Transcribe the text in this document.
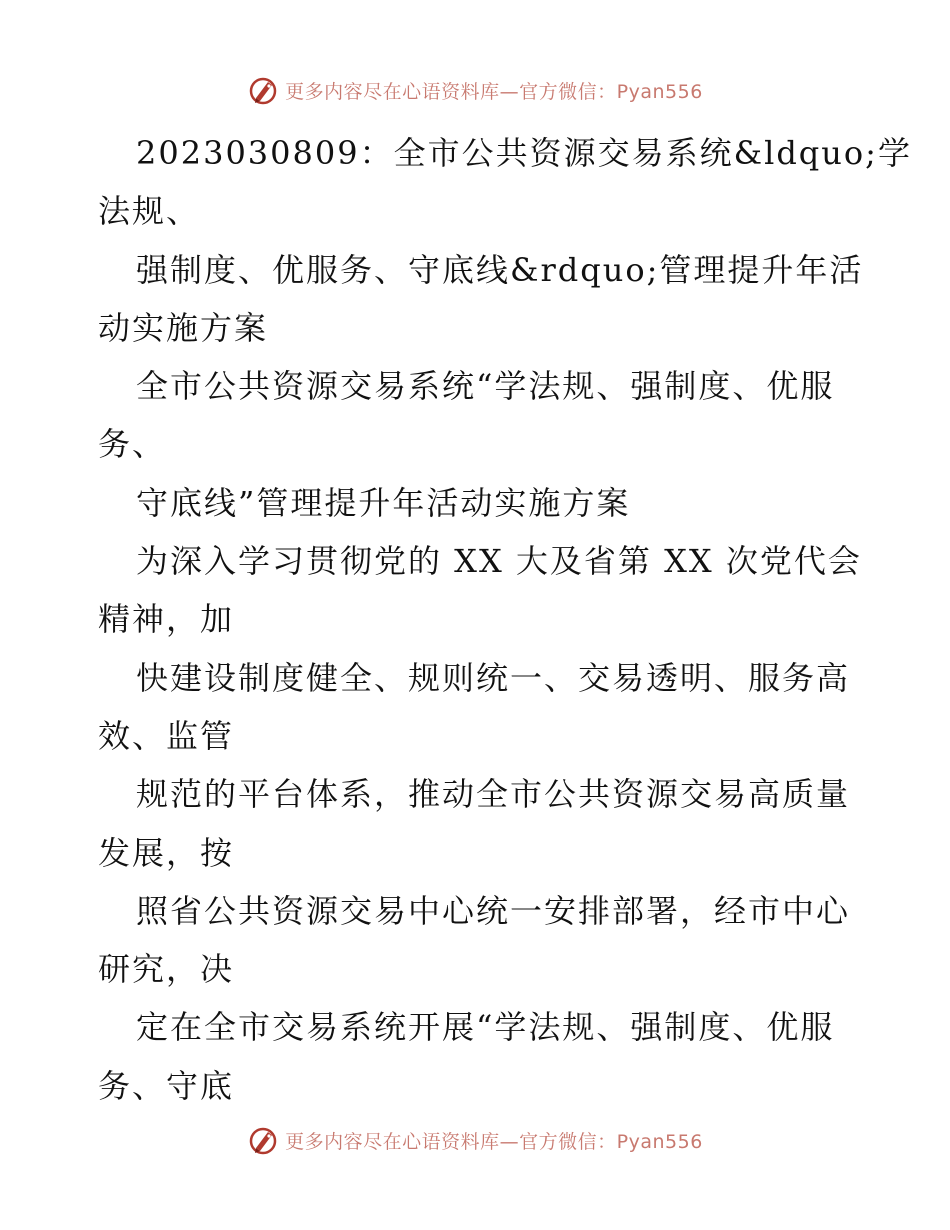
更多内容尽在心语资料库—官方微信：Pyan556
2023030809：全市公共资源交易系统&ldquo;学
法规、
强制度、优服务、守底线&rdquo;管理提升年活
动实施方案
全市公共资源交易系统“学法规、强制度、优服
务、
守底线”管理提升年活动实施方案
为深入学习贯彻党的 XX 大及省第 XX 次党代会
精神，加
快建设制度健全、规则统一、交易透明、服务高
效、监管
规范的平台体系，推动全市公共资源交易高质量
发展，按
照省公共资源交易中心统一安排部署，经市中心
研究，决
定在全市交易系统开展“学法规、强制度、优服
务、守底
更多内容尽在心语资料库—官方微信：Pyan556
